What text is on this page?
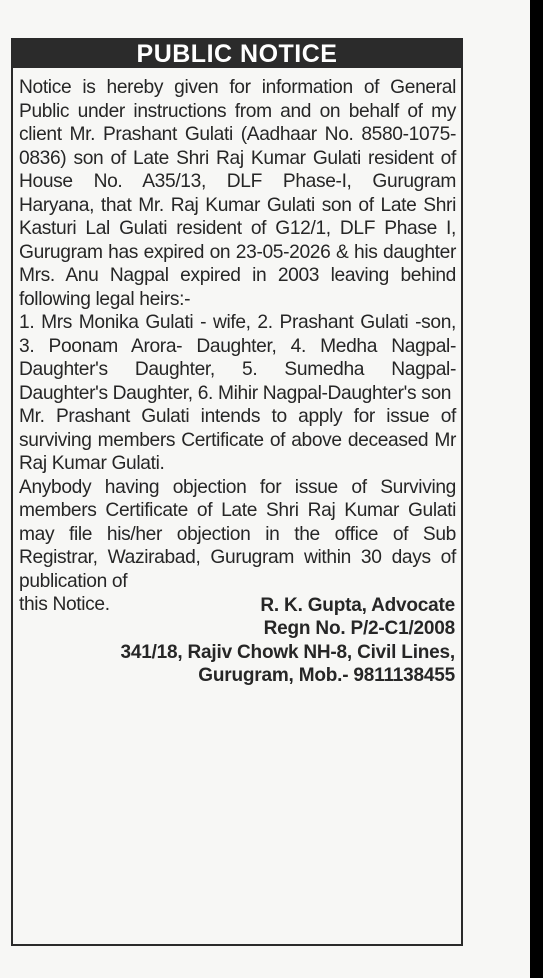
PUBLIC NOTICE

Notice is hereby given for information of General Public under instructions from and on behalf of my client Mr. Prashant Gulati (Aadhaar No. 8580-1075-0836) son of Late Shri Raj Kumar Gulati resident of House No. A35/13, DLF Phase-I, Gurugram Haryana, that Mr. Raj Kumar Gulati son of Late Shri Kasturi Lal Gulati resident of G12/1, DLF Phase I, Gurugram has expired on 23-05-2026 & his daughter Mrs. Anu Nagpal expired in 2003 leaving behind following legal heirs:-

1. Mrs Monika Gulati - wife, 2. Prashant Gulati -son, 3. Poonam Arora- Daughter, 4. Medha Nagpal- Daughter's Daughter, 5. Sumedha Nagpal- Daughter's Daughter, 6. Mihir Nagpal-Daughter's son

Mr. Prashant Gulati intends to apply for issue of surviving members Certificate of above deceased Mr Raj Kumar Gulati.

Anybody having objection for issue of Surviving members Certificate of Late Shri Raj Kumar Gulati may file his/her objection in the office of Sub Registrar, Wazirabad, Gurugram within 30 days of publication of

this Notice.	R. K. Gupta, Advocate
Regn No. P/2-C1/2008
341/18, Rajiv Chowk NH-8, Civil Lines,
Gurugram, Mob.- 9811138455
